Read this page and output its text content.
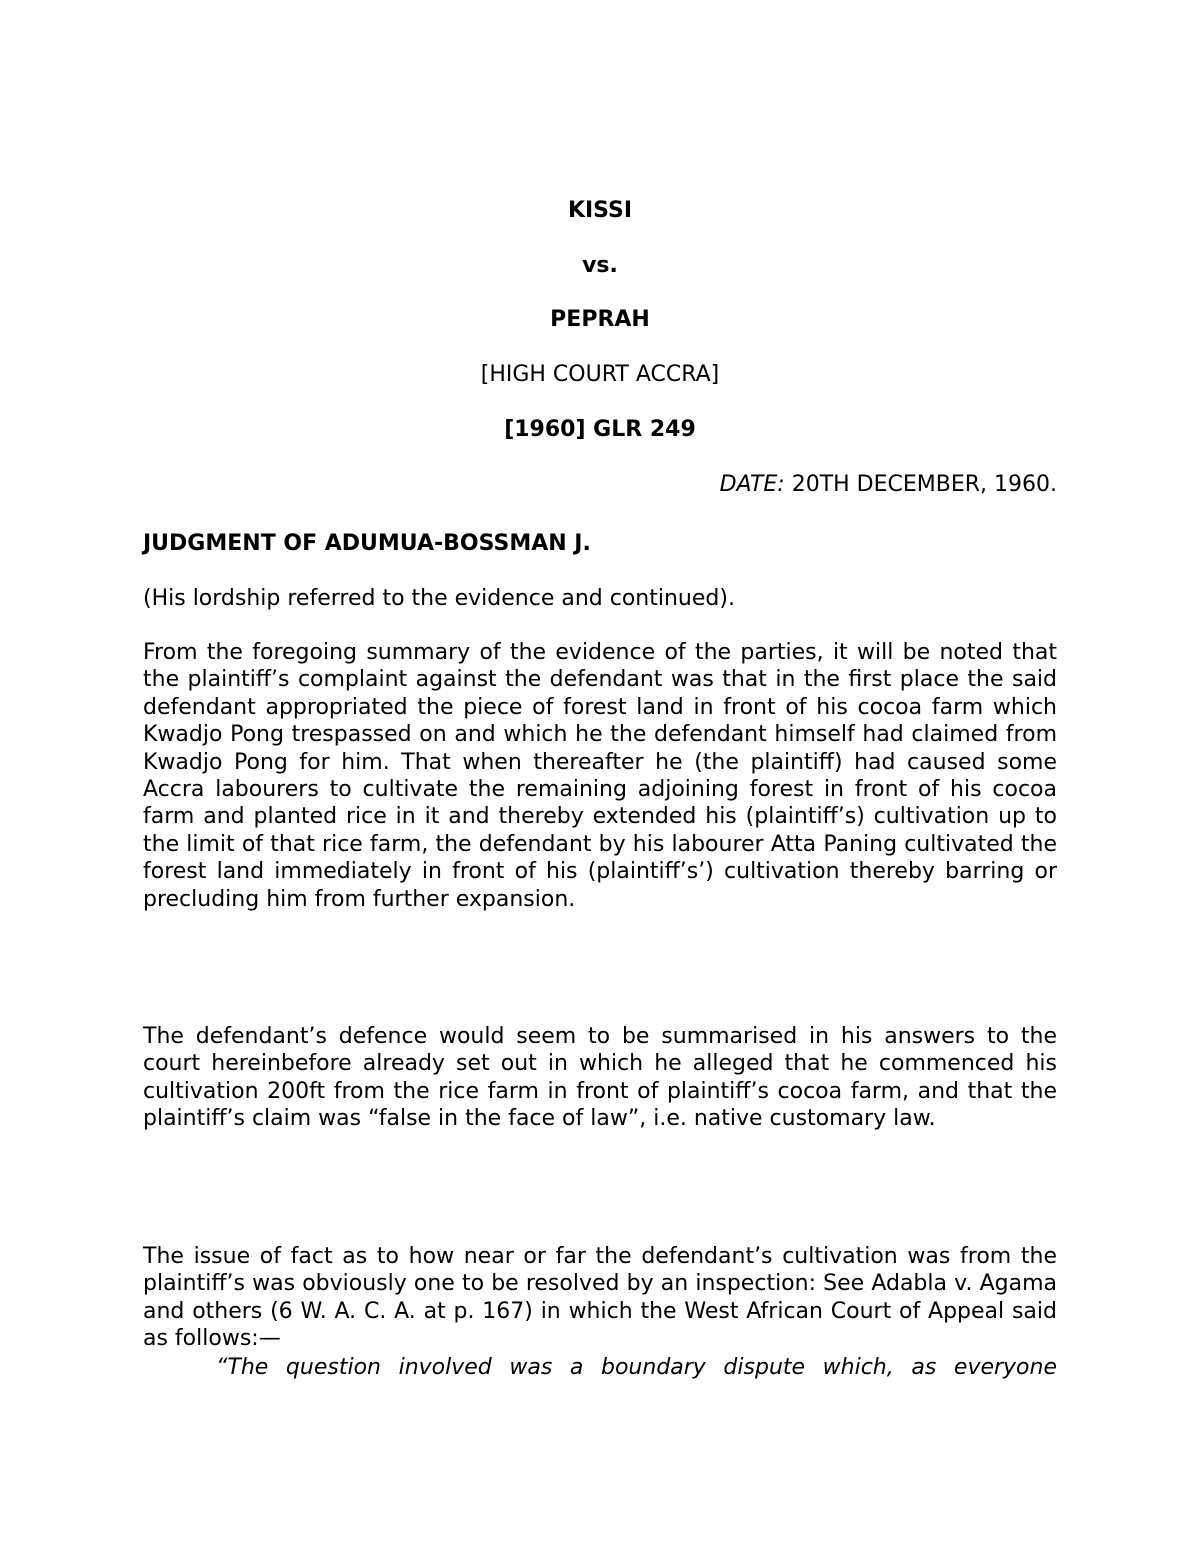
KISSI
vs.
PEPRAH
[HIGH COURT ACCRA]
[1960] GLR 249
DATE: 20TH DECEMBER, 1960.
JUDGMENT OF ADUMUA-BOSSMAN J.
(His lordship referred to the evidence and continued).

From the foregoing summary of the evidence of the parties, it will be noted that the plaintiff’s complaint against the defendant was that in the first place the said defendant appropriated the piece of forest land in front of his cocoa farm which Kwadjo Pong trespassed on and which he the defendant himself had claimed from Kwadjo Pong for him. That when thereafter he (the plaintiff) had caused some Accra labourers to cultivate the remaining adjoining forest in front of his cocoa farm and planted rice in it and thereby extended his (plaintiff’s) cultivation up to the limit of that rice farm, the defendant by his labourer Atta Paning cultivated the forest land immediately in front of his (plaintiff’s’) cultivation thereby barring or precluding him from further expansion.

The defendant’s defence would seem to be summarised in his answers to the court hereinbefore already set out in which he alleged that he commenced his cultivation 200ft from the rice farm in front of plaintiff’s cocoa farm, and that the plaintiff’s claim was “false in the face of law”, i.e. native customary law.

The issue of fact as to how near or far the defendant’s cultivation was from the plaintiff’s was obviously one to be resolved by an inspection: See Adabla v. Agama and others (6 W. A. C. A. at p. 167) in which the West African Court of Appeal said as follows:—

“The question involved was a boundary dispute which, as everyone
